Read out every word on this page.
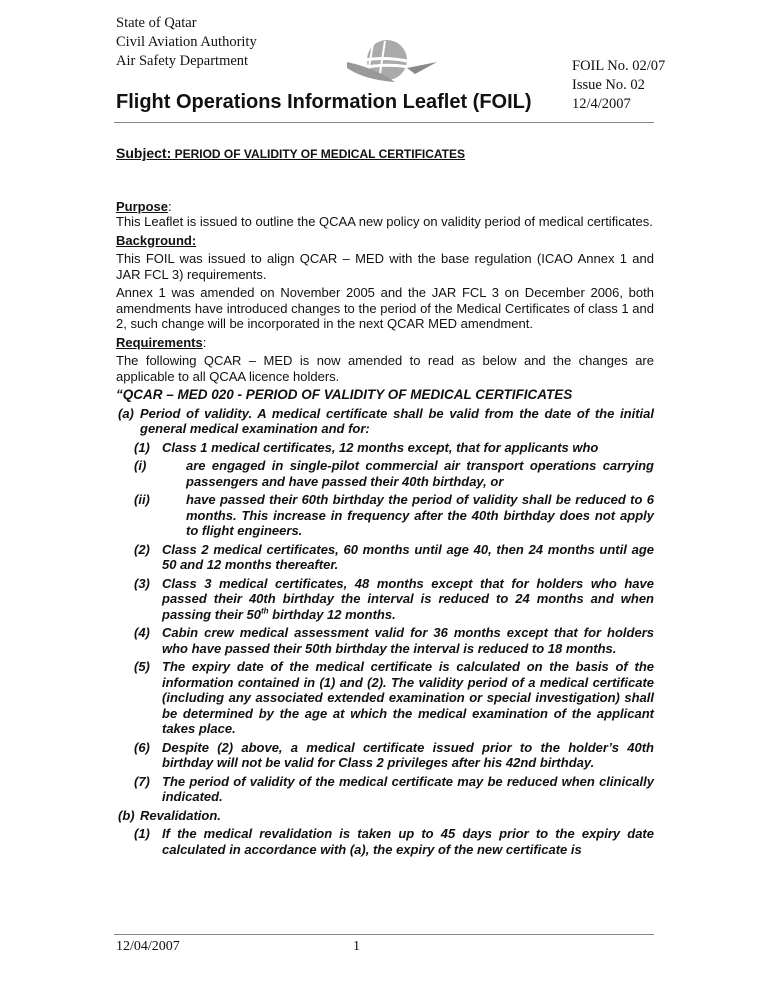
State of Qatar
Civil Aviation Authority
Air Safety Department	FOIL No. 02/07
Issue No. 02
12/4/2007
Flight Operations Information Leaflet (FOIL)
Subject: PERIOD OF VALIDITY OF MEDICAL CERTIFICATES
Purpose:
This Leaflet is issued to outline the QCAA new policy on validity period of medical certificates.
Background:
This FOIL was issued to align QCAR – MED with the base regulation (ICAO Annex 1 and JAR FCL 3) requirements.
Annex 1 was amended on November 2005 and the JAR FCL 3 on December 2006, both amendments have introduced changes to the period of the Medical Certificates of class 1 and 2, such change will be incorporated in the next QCAR MED amendment.
Requirements:
The following QCAR – MED is now amended to read as below and the changes are applicable to all QCAA licence holders.
“QCAR – MED 020 - PERIOD OF VALIDITY OF MEDICAL CERTIFICATES
(a) Period of validity. A medical certificate shall be valid from the date of the initial general medical examination and for:
(1) Class 1 medical certificates, 12 months except, that for applicants who
(i)	are engaged in single-pilot commercial air transport operations carrying passengers and have passed their 40th birthday, or
(ii)	have passed their 60th birthday the period of validity shall be reduced to 6 months. This increase in frequency after the 40th birthday does not apply to flight engineers.
(2) Class 2 medical certificates, 60 months until age 40, then 24 months until age 50 and 12 months thereafter.
(3) Class 3 medical certificates, 48 months except that for holders who have passed their 40th birthday the interval is reduced to 24 months and when passing their 50th birthday 12 months.
(4) Cabin crew medical assessment valid for 36 months except that for holders who have passed their 50th birthday the interval is reduced to 18 months.
(5) The expiry date of the medical certificate is calculated on the basis of the information contained in (1) and (2). The validity period of a medical certificate (including any associated extended examination or special investigation) shall be determined by the age at which the medical examination of the applicant takes place.
(6) Despite (2) above, a medical certificate issued prior to the holder’s 40th birthday will not be valid for Class 2 privileges after his 42nd birthday.
(7) The period of validity of the medical certificate may be reduced when clinically indicated.
(b) Revalidation.
(1) If the medical revalidation is taken up to 45 days prior to the expiry date calculated in accordance with (a), the expiry of the new certificate is
12/04/2007	1
